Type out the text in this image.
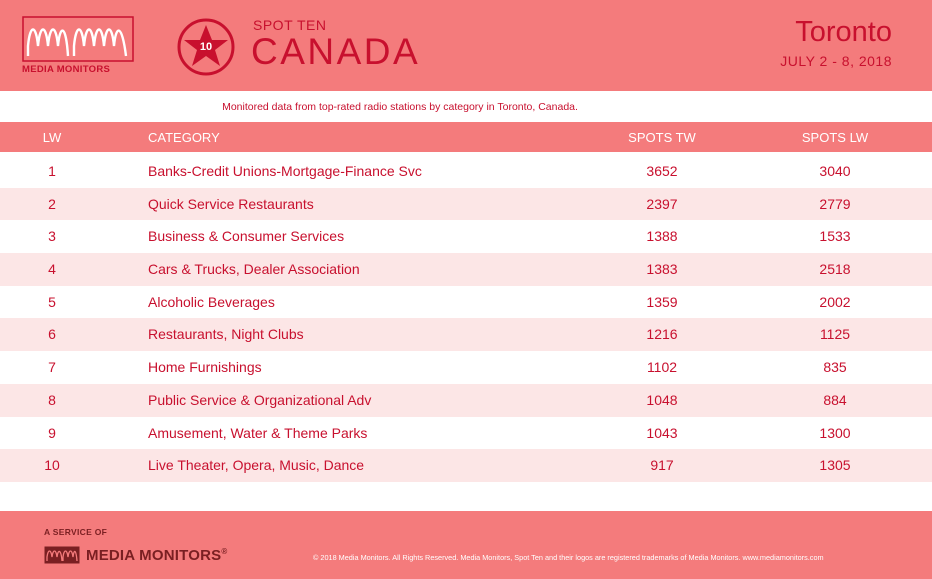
MEDIA MONITORS
10
SPOT TEN
CANADA	Toronto
JULY 2 - 8, 2018
Monitored data from top-rated radio stations by category in Toronto, Canada.
LW	CATEGORY	SPOTS TW	SPOTS LW
1	Banks-Credit Unions-Mortgage-Finance Svc	3652	3040
2	Quick Service Restaurants	2397	2779
3	Business & Consumer Services	1388	1533
4	Cars & Trucks, Dealer Association	1383	2518
5	Alcoholic Beverages	1359	2002
6	Restaurants, Night Clubs	1216	1125
7	Home Furnishings	1102	835
8	Public Service & Organizational Adv	1048	884
9	Amusement, Water & Theme Parks	1043	1300
10	Live Theater, Opera, Music, Dance	917	1305
A SERVICE OF
MEDIA MONITORS®
© 2018 Media Monitors. All Rights Reserved. Media Monitors, Spot Ten and their logos are registered trademarks of Media Monitors. www.mediamonitors.com
